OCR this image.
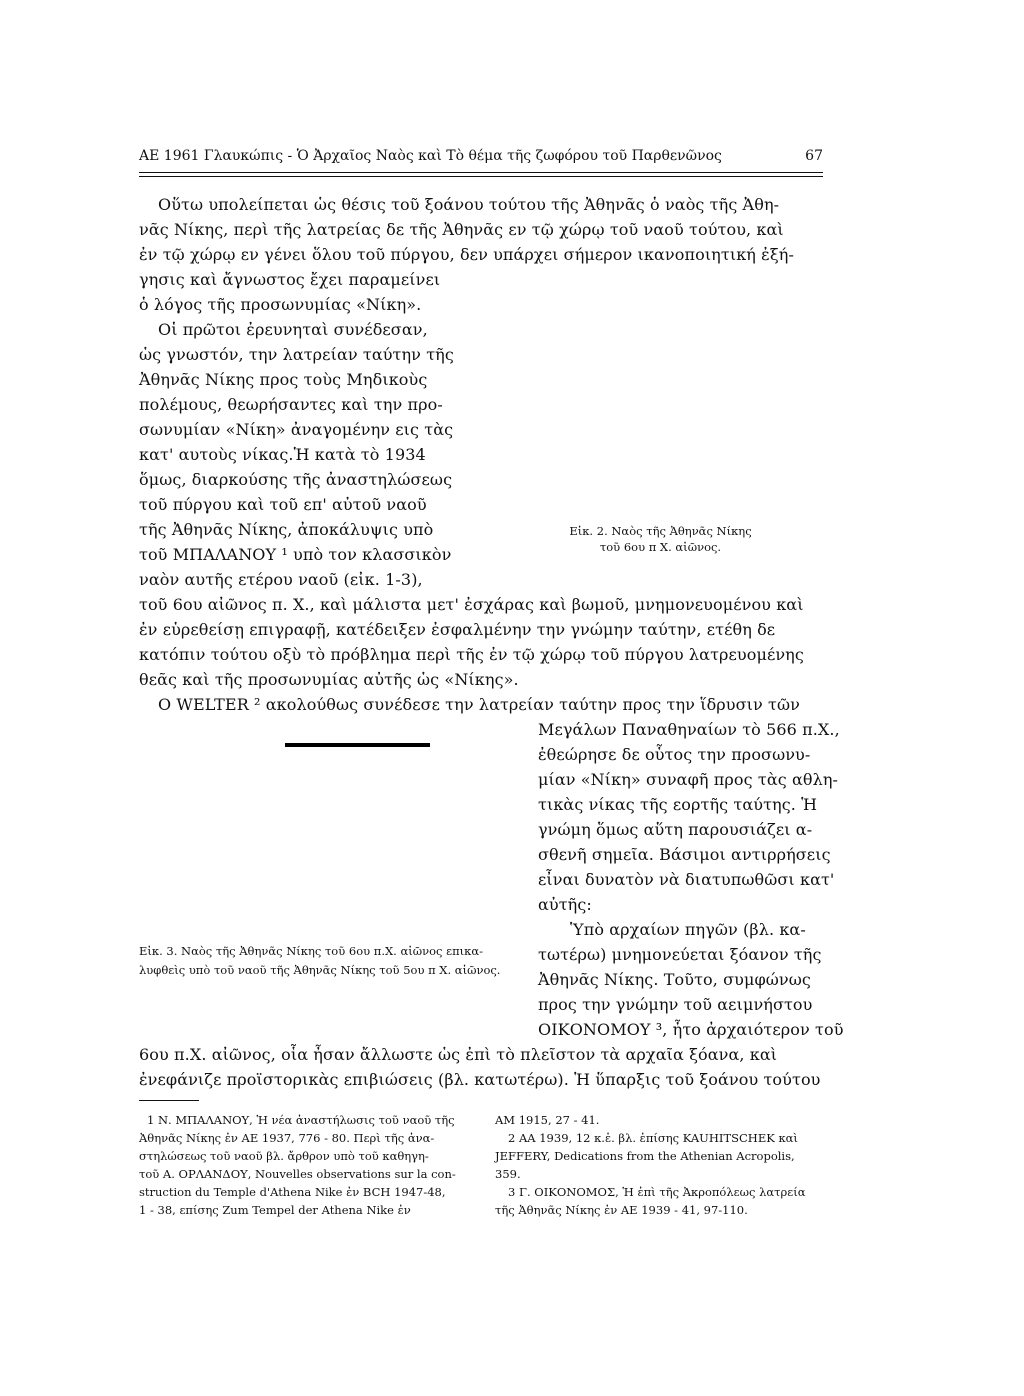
ΑΕ 1961 Γλαυκώπις - Ὁ Ἀρχαῖος Ναὸς καὶ Τὸ θέμα τῆς ζωφόρου τοῦ Παρθενῶνος	67
Οὕτω υπολείπεται ὡς θέσις τοῦ ξοάνου τούτου τῆς Ἀθηνᾶς ὁ ναὸς τῆς Ἀθη-
νᾶς Νίκης, περὶ τῆς λατρείας δε τῆς Ἀθηνᾶς εν τῷ χώρῳ τοῦ ναοῦ τούτου, καὶ
ἐν τῷ χώρῳ εν γένει ὅλου τοῦ πύργου, δεν υπάρχει σήμερον ικανοποιητική ἐξή-
γησις καὶ ἄγνωστος ἔχει παραμείνει
ὁ λόγος τῆς προσωνυμίας «Νίκη».
Οἱ πρῶτοι ἐρευνηταὶ συνέδεσαν,
ὡς γνωστόν, την λατρείαν ταύτην τῆς
Ἀθηνᾶς Νίκης προς τοὺς Μηδικοὺς
πολέμους, θεωρήσαντες καὶ την προ-
σωνυμίαν «Νίκη» ἀναγομένην εις τὰς
κατ' αυτοὺς νίκας.Ἡ κατὰ τὸ 1934
ὅμως, διαρκούσης τῆς ἀναστηλώσεως
τοῦ πύργου καὶ τοῦ επ' αὐτοῦ ναοῦ
τῆς Ἀθηνᾶς Νίκης, ἀποκάλυψις υπὸ
τοῦ ΜΠΑΛΑΝΟΥ ¹ υπὸ τον κλασσικὸν
ναὸν αυτῆς ετέρου ναοῦ (εἰκ. 1-3),
τοῦ 6ου αἰῶνος π. Χ., καὶ μάλιστα μετ' ἐσχάρας καὶ βωμοῦ, μνημονευομένου καὶ
ἐν εὑρεθείσῃ επιγραφῇ, κατέδειξεν ἐσφαλμένην την γνώμην ταύτην, ετέθη δε
κατόπιν τούτου οξὺ τὸ πρόβλημα περὶ τῆς ἐν τῷ χώρῳ τοῦ πύργου λατρευομένης
θεᾶς καὶ τῆς προσωνυμίας αὐτῆς ὡς «Νίκης».
Ο WELTER ² ακολούθως συνέδεσε την λατρείαν ταύτην προς την ἵδρυσιν τῶν
Μεγάλων Παναθηναίων τὸ 566 π.Χ.,
ἐθεώρησε δε οὗτος την προσωνυ-
μίαν «Νίκη» συναφῆ προς τὰς αθλη-
τικὰς νίκας τῆς εορτῆς ταύτης. Ἡ
γνώμη ὅμως αὕτη παρουσιάζει α-
σθενῆ σημεῖα. Βάσιμοι αντιρρήσεις
εἶναι δυνατὸν νὰ διατυπωθῶσι κατ'
αὐτῆς:
Ὑπὸ αρχαίων πηγῶν (βλ. κα-
τωτέρω) μνημονεύεται ξόανον τῆς
Ἀθηνᾶς Νίκης. Τοῦτο, συμφώνως
προς την γνώμην τοῦ αειμνήστου
ΟΙΚΟΝΟΜΟΥ ³, ἦτο ἀρχαιότερον τοῦ
6ου π.Χ. αἰῶνος, οἷα ἦσαν ἄλλωστε ὡς ἐπὶ τὸ πλεῖστον τὰ αρχαῖα ξόανα, καὶ
ἐνεφάνιζε προϊστορικὰς επιβιώσεις (βλ. κατωτέρω). Ἡ ὕπαρξις τοῦ ξοάνου τούτου
Εἰκ. 2. Ναὸς τῆς Ἀθηνᾶς Νίκης
τοῦ 6ου π Χ. αἰῶνος.
Εἰκ. 3. Ναὸς τῆς Ἀθηνᾶς Νίκης τοῦ 6ου π.Χ. αἰῶνος επικα-
λυφθεὶς υπὸ τοῦ ναοῦ τῆς Ἀθηνᾶς Νίκης τοῦ 5ου π Χ. αἰῶνος.
1 Ν. ΜΠΑΛΑΝΟΥ, Ἡ νέα ἀναστήλωσις τοῦ ναοῦ τῆς
Ἀθηνᾶς Νίκης ἐν ΑΕ 1937, 776 - 80. Περὶ τῆς ἀνα-
στηλώσεως τοῦ ναοῦ βλ. ἄρθρον υπὸ τοῦ καθηγη-
τοῦ Α. ΟΡΛΑΝΔΟΥ, Nouvelles observations sur la con-
struction du Temple d'Athena Nike ἐν BCH 1947-48,
1 - 38, επίσης Zum Tempel der Athena Nike ἐν
ΑΜ 1915, 27 - 41.
2 ΑΑ 1939, 12 κ.ἑ. βλ. ἐπίσης KAUHITSCHEK καὶ
JEFFERY, Dedications from the Athenian Acropolis,
359.
3 Γ. ΟΙΚΟΝΟΜΟΣ, Ἡ ἐπὶ τῆς Ἀκροπόλεως λατρεία
τῆς Ἀθηνᾶς Νίκης ἐν ΑΕ 1939 - 41, 97-110.
